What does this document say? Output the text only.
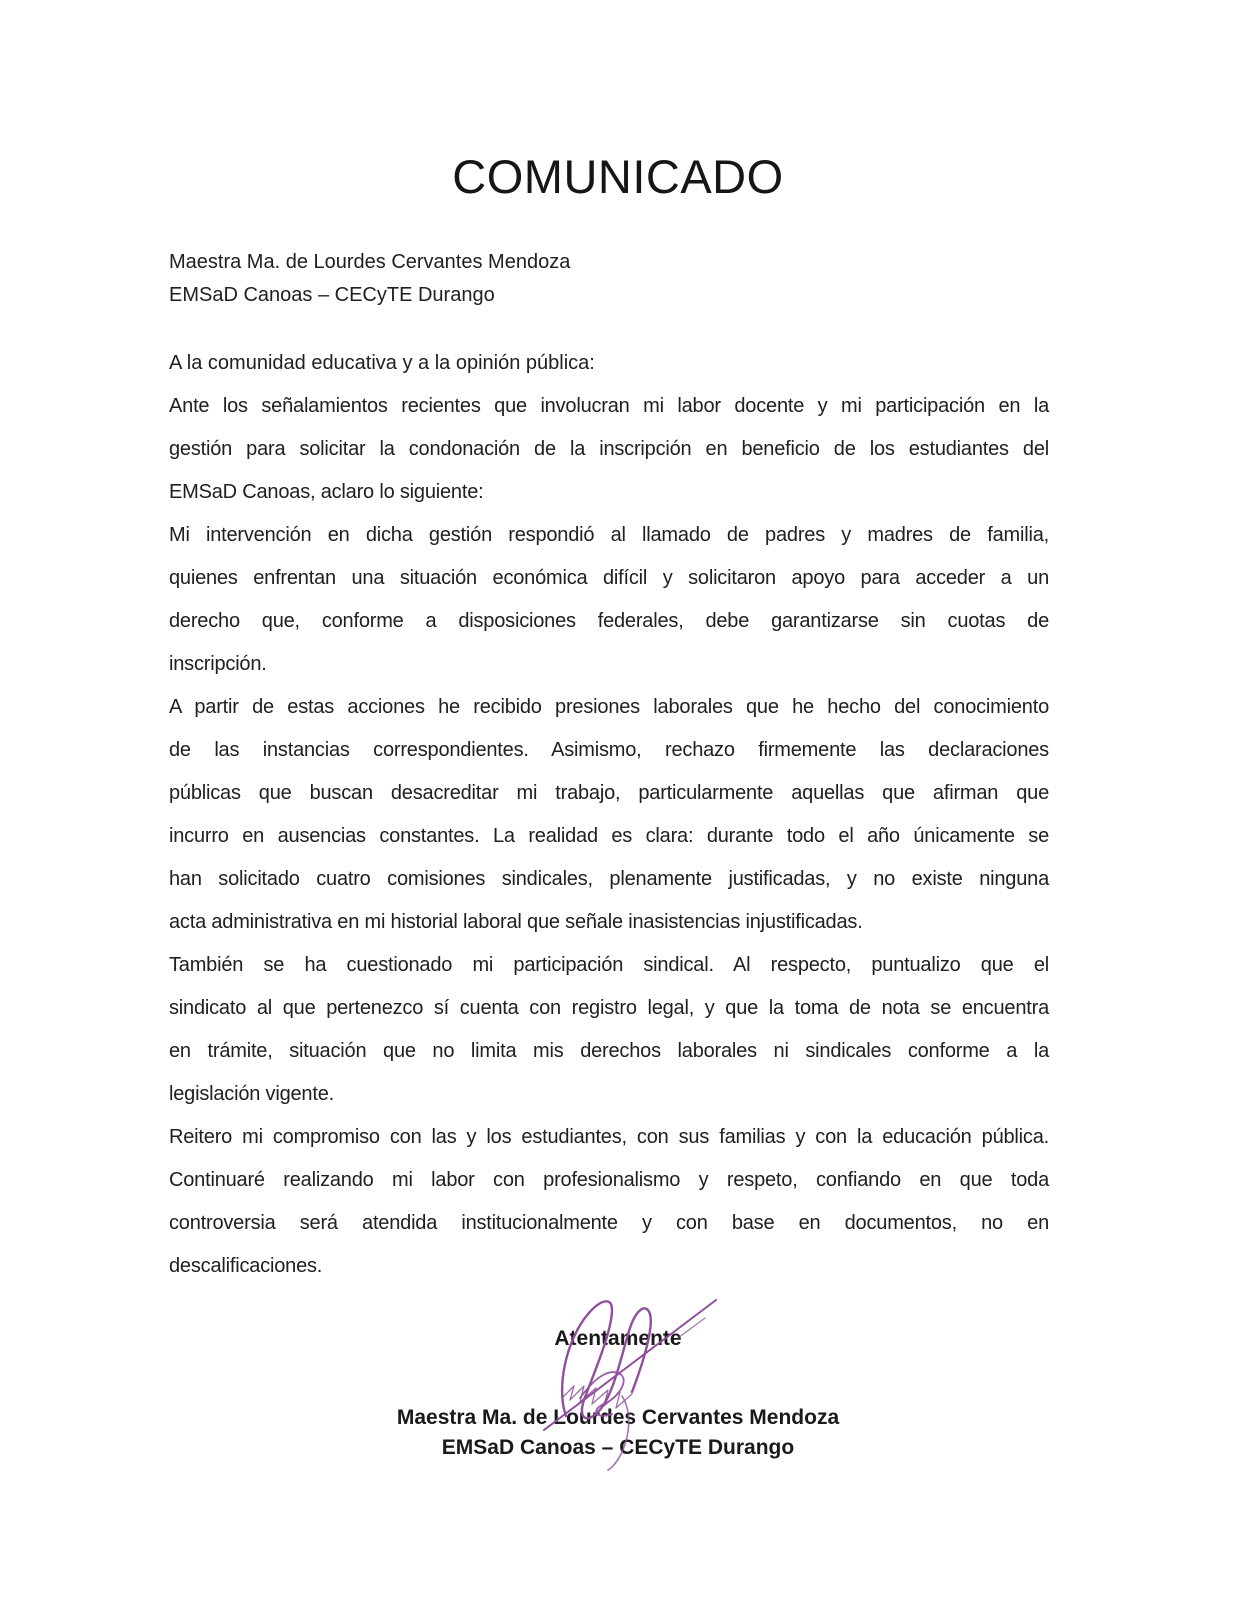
COMUNICADO
Maestra Ma. de Lourdes Cervantes Mendoza
EMSaD Canoas – CECyTE Durango
A la comunidad educativa y a la opinión pública:
Ante los señalamientos recientes que involucran mi labor docente y mi participación en la
gestión para solicitar la condonación de la inscripción en beneficio de los estudiantes del
EMSaD Canoas, aclaro lo siguiente:
Mi intervención en dicha gestión respondió al llamado de padres y madres de familia,
quienes enfrentan una situación económica difícil y solicitaron apoyo para acceder a un
derecho que, conforme a disposiciones federales, debe garantizarse sin cuotas de
inscripción.
A partir de estas acciones he recibido presiones laborales que he hecho del conocimiento
de las instancias correspondientes. Asimismo, rechazo firmemente las declaraciones
públicas que buscan desacreditar mi trabajo, particularmente aquellas que afirman que
incurro en ausencias constantes. La realidad es clara: durante todo el año únicamente se
han solicitado cuatro comisiones sindicales, plenamente justificadas, y no existe ninguna
acta administrativa en mi historial laboral que señale inasistencias injustificadas.
También se ha cuestionado mi participación sindical. Al respecto, puntualizo que el
sindicato al que pertenezco sí cuenta con registro legal, y que la toma de nota se encuentra
en trámite, situación que no limita mis derechos laborales ni sindicales conforme a la
legislación vigente.
Reitero mi compromiso con las y los estudiantes, con sus familias y con la educación pública.
Continuaré realizando mi labor con profesionalismo y respeto, confiando en que toda
controversia será atendida institucionalmente y con base en documentos, no en
descalificaciones.
Atentamente
Maestra Ma. de Lourdes Cervantes Mendoza
EMSaD Canoas – CECyTE Durango
